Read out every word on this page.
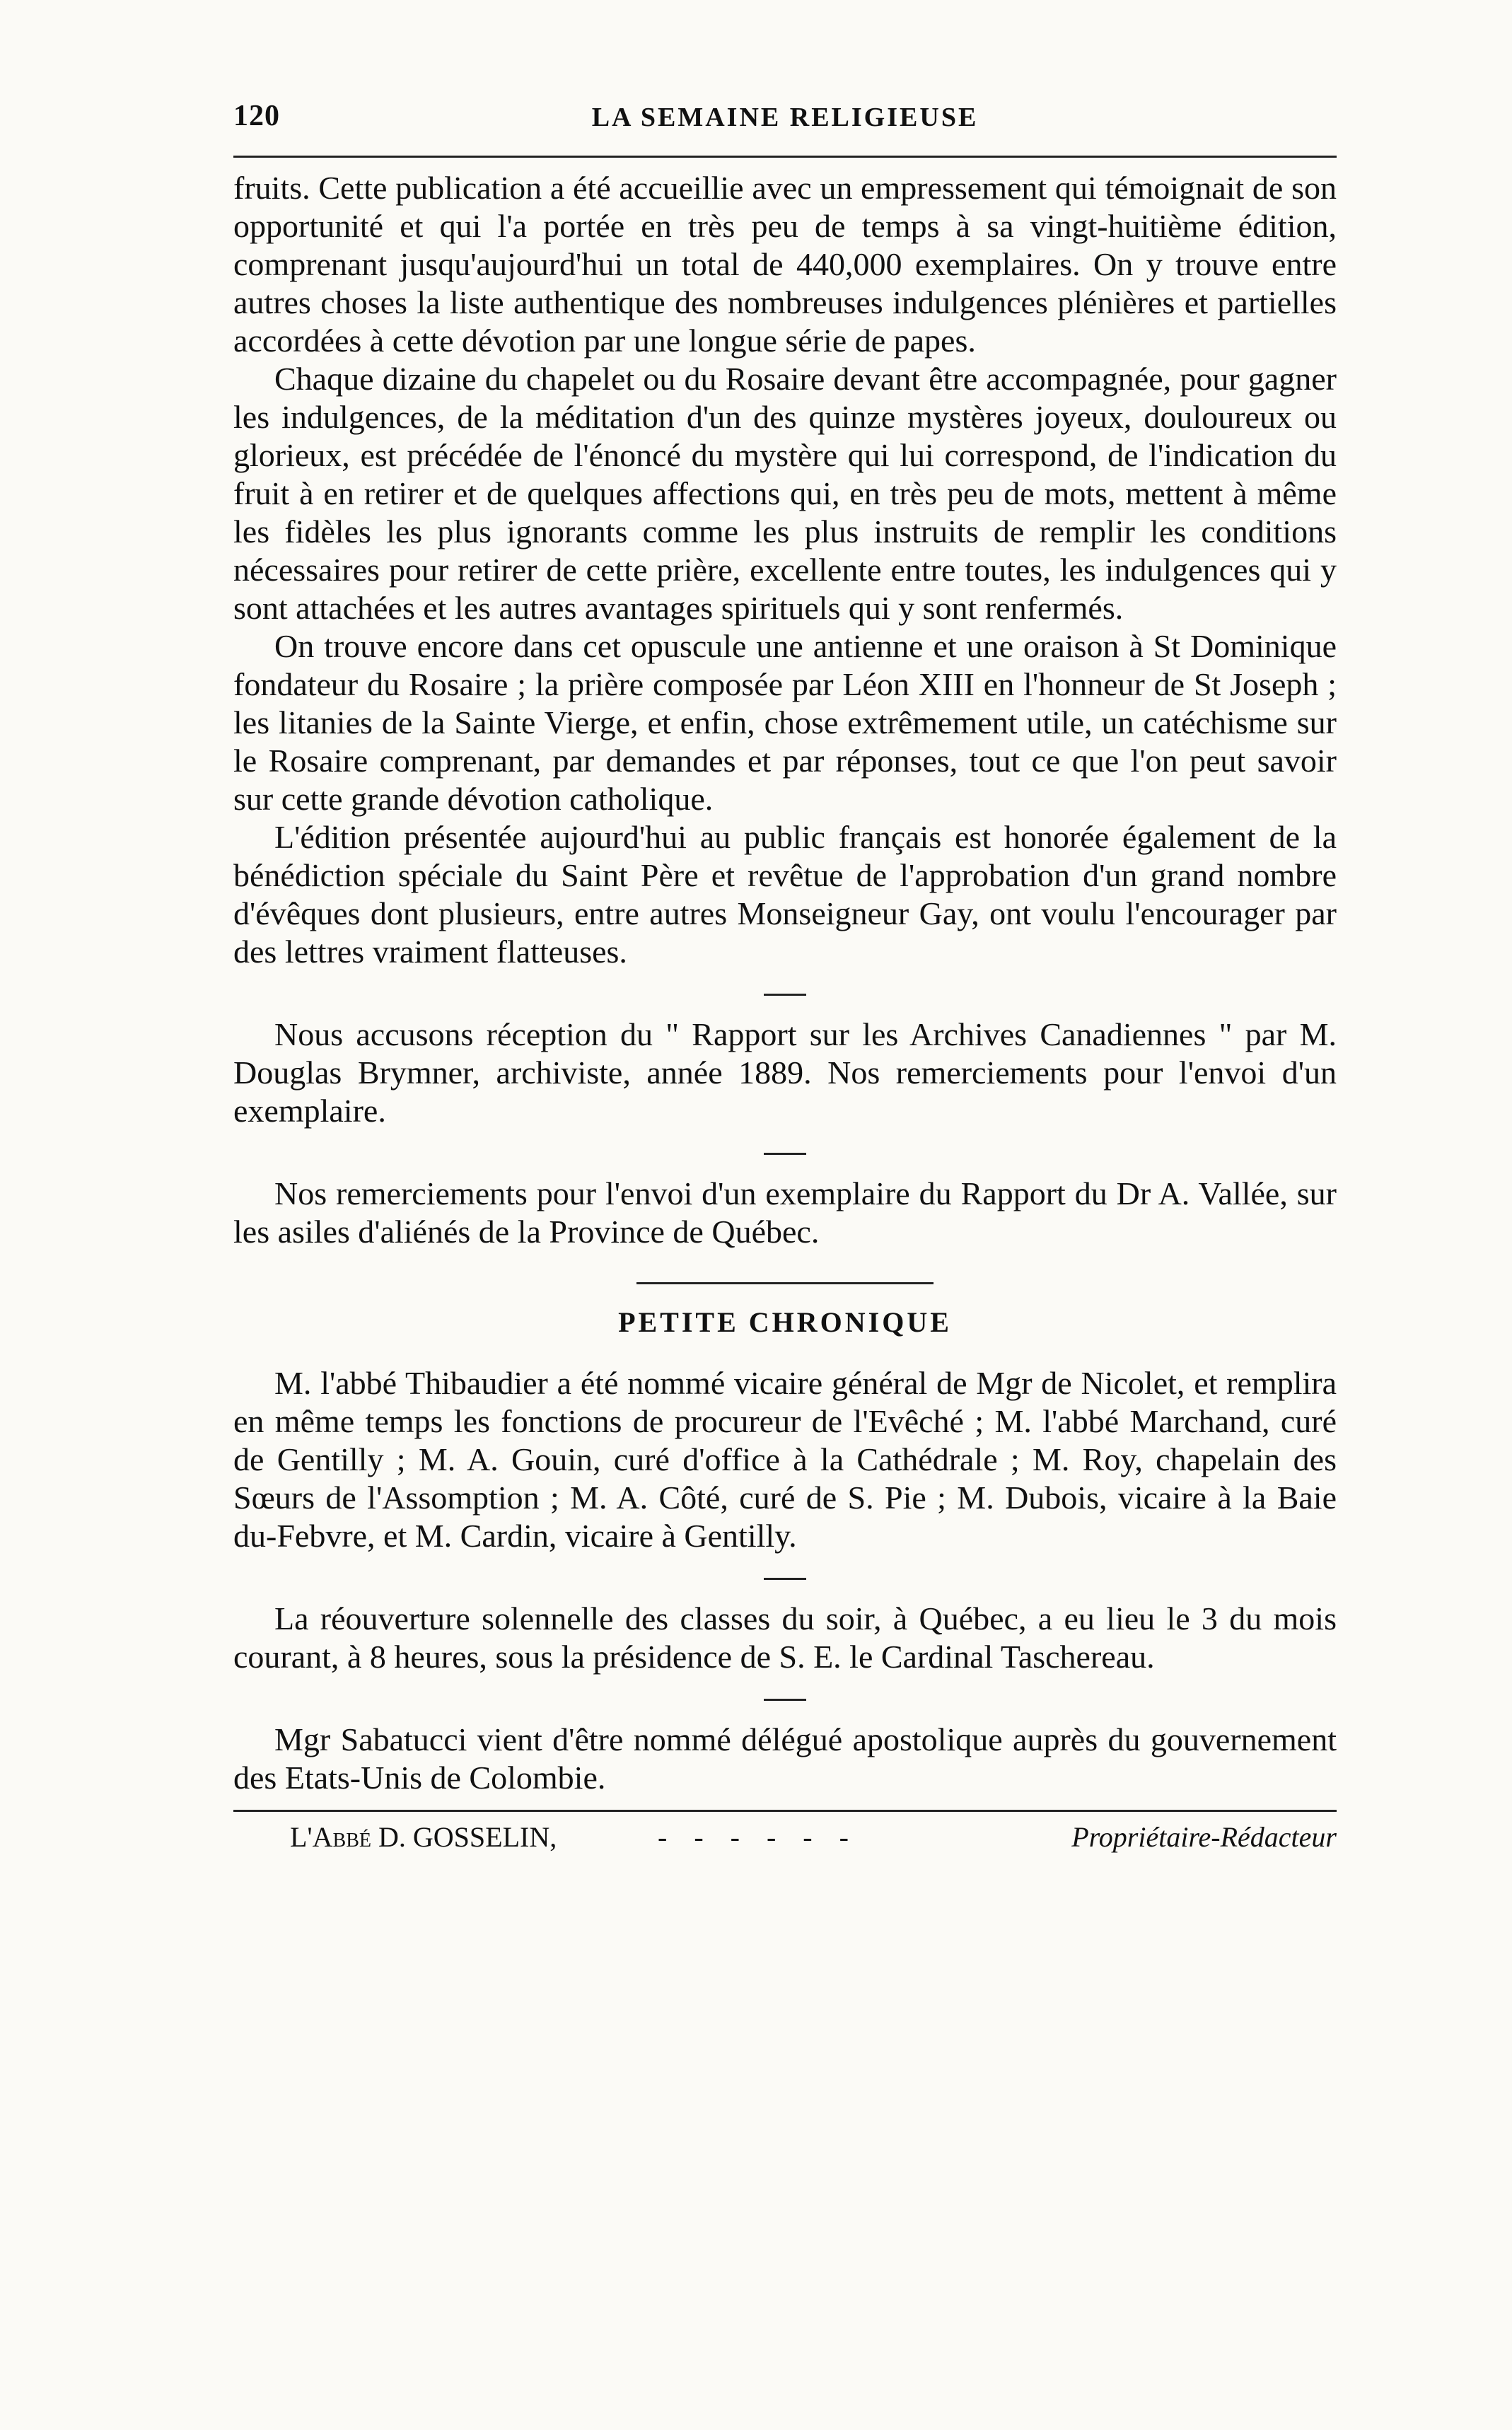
120	LA SEMAINE RELIGIEUSE

fruits. Cette publication a été accueillie avec un empressement qui témoignait de son opportunité et qui l'a portée en très peu de temps à sa vingt-huitième édition, comprenant jusqu'aujourd'hui un total de 440,000 exemplaires. On y trouve entre autres choses la liste authentique des nombreuses indulgences plénières et partielles accordées à cette dévotion par une longue série de papes.

Chaque dizaine du chapelet ou du Rosaire devant être accompagnée, pour gagner les indulgences, de la méditation d'un des quinze mystères joyeux, douloureux ou glorieux, est précédée de l'énoncé du mystère qui lui correspond, de l'indication du fruit à en retirer et de quelques affections qui, en très peu de mots, mettent à même les fidèles les plus ignorants comme les plus instruits de remplir les conditions nécessaires pour retirer de cette prière, excellente entre toutes, les indulgences qui y sont attachées et les autres avantages spirituels qui y sont renfermés.

On trouve encore dans cet opuscule une antienne et une oraison à St Dominique fondateur du Rosaire ; la prière composée par Léon XIII en l'honneur de St Joseph ; les litanies de la Sainte Vierge, et enfin, chose extrêmement utile, un catéchisme sur le Rosaire comprenant, par demandes et par réponses, tout ce que l'on peut savoir sur cette grande dévotion catholique.

L'édition présentée aujourd'hui au public français est honorée également de la bénédiction spéciale du Saint Père et revêtue de l'approbation d'un grand nombre d'évêques dont plusieurs, entre autres Monseigneur Gay, ont voulu l'encourager par des lettres vraiment flatteuses.

Nous accusons réception du " Rapport sur les Archives Canadiennes " par M. Douglas Brymner, archiviste, année 1889. Nos remerciements pour l'envoi d'un exemplaire.

Nos remerciements pour l'envoi d'un exemplaire du Rapport du Dr A. Vallée, sur les asiles d'aliénés de la Province de Québec.

PETITE CHRONIQUE

M. l'abbé Thibaudier a été nommé vicaire général de Mgr de Nicolet, et remplira en même temps les fonctions de procureur de l'Evêché ; M. l'abbé Marchand, curé de Gentilly ; M. A. Gouin, curé d'office à la Cathédrale ; M. Roy, chapelain des Sœurs de l'Assomption ; M. A. Côté, curé de S. Pie ; M. Dubois, vicaire à la Baie du-Febvre, et M. Cardin, vicaire à Gentilly.

La réouverture solennelle des classes du soir, à Québec, a eu lieu le 3 du mois courant, à 8 heures, sous la présidence de S. E. le Cardinal Taschereau.

Mgr Sabatucci vient d'être nommé délégué apostolique auprès du gouvernement des Etats-Unis de Colombie.

L'Abbé D. GOSSELIN,	- - - - - -	Propriétaire-Rédacteur
